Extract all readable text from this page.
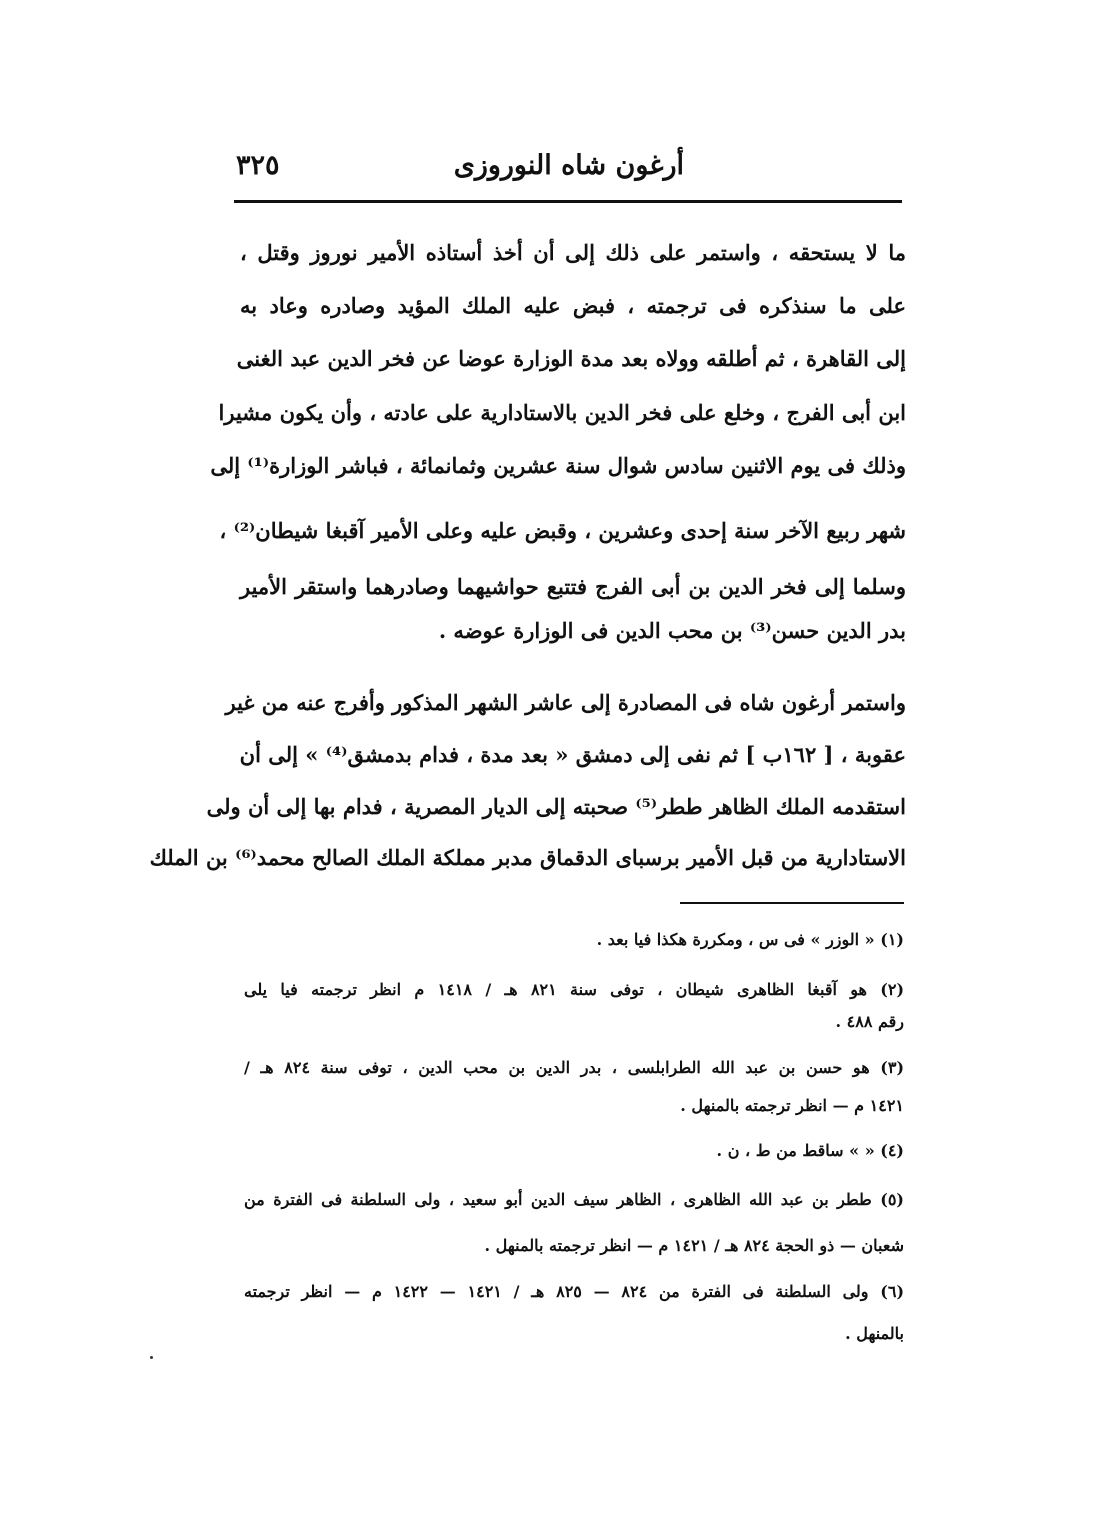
أرغون شاه النوروزى
٣٢٥
ما لا يستحقه ، واستمر على ذلك إلى أن أخذ أستاذه الأمير نوروز وقتل ،
على ما سنذكره فى ترجمته ، فبض عليه الملك المؤيد وصادره وعاد به
إلى القاهرة ، ثم أطلقه وولاه بعد مدة الوزارة عوضا عن فخر الدين عبد الغنى
ابن أبى الفرج ، وخلع على فخر الدين بالاستادارية على عادته ، وأن يكون مشيرا
وذلك فى يوم الاثنين سادس شوال سنة عشرين وثمانمائة ، فباشر الوزارة⁽¹⁾ إلى
شهر ربيع الآخر سنة إحدى وعشرين ، وقبض عليه وعلى الأمير آقبغا شيطان⁽²⁾ ،
وسلما إلى فخر الدين بن أبى الفرج فتتبع حواشيهما وصادرهما واستقر الأمير
بدر الدين حسن⁽³⁾ بن محب الدين فى الوزارة عوضه .
واستمر أرغون شاه فى المصادرة إلى عاشر الشهر المذكور وأفرج عنه من غير
عقوبة ، [ ١٦٢ب ] ثم نفى إلى دمشق « بعد مدة ، فدام بدمشق⁽⁴⁾ » إلى أن
استقدمه الملك الظاهر ططر⁽⁵⁾ صحبته إلى الديار المصرية ، فدام بها إلى أن ولى
الاستادارية من قبل الأمير برسباى الدقماق مدبر مملكة الملك الصالح محمد⁽⁶⁾ بن الملك
(١) « الوزر » فى س ، ومكررة هكذا فيا بعد .
(٢) هو آقبغا الظاهرى شيطان ، توفى سنة ٨٢١ هـ / ١٤١٨ م انظر ترجمته فيا يلى
رقم ٤٨٨ .
(٣) هو حسن بن عبد الله الطرابلسى ، بدر الدين بن محب الدين ، توفى سنة ٨٢٤ هـ /
١٤٢١ م — انظر ترجمته بالمنهل .
(٤) « » ساقط من ط ، ن .
(٥) ططر بن عبد الله الظاهرى ، الظاهر سيف الدين أبو سعيد ، ولى السلطنة فى الفترة من
شعبان — ذو الحجة ٨٢٤ هـ / ١٤٢١ م — انظر ترجمته بالمنهل .
(٦) ولى السلطنة فى الفترة من ٨٢٤ — ٨٢٥ هـ / ١٤٢١ — ١٤٢٢ م — انظر ترجمته
بالمنهل .
